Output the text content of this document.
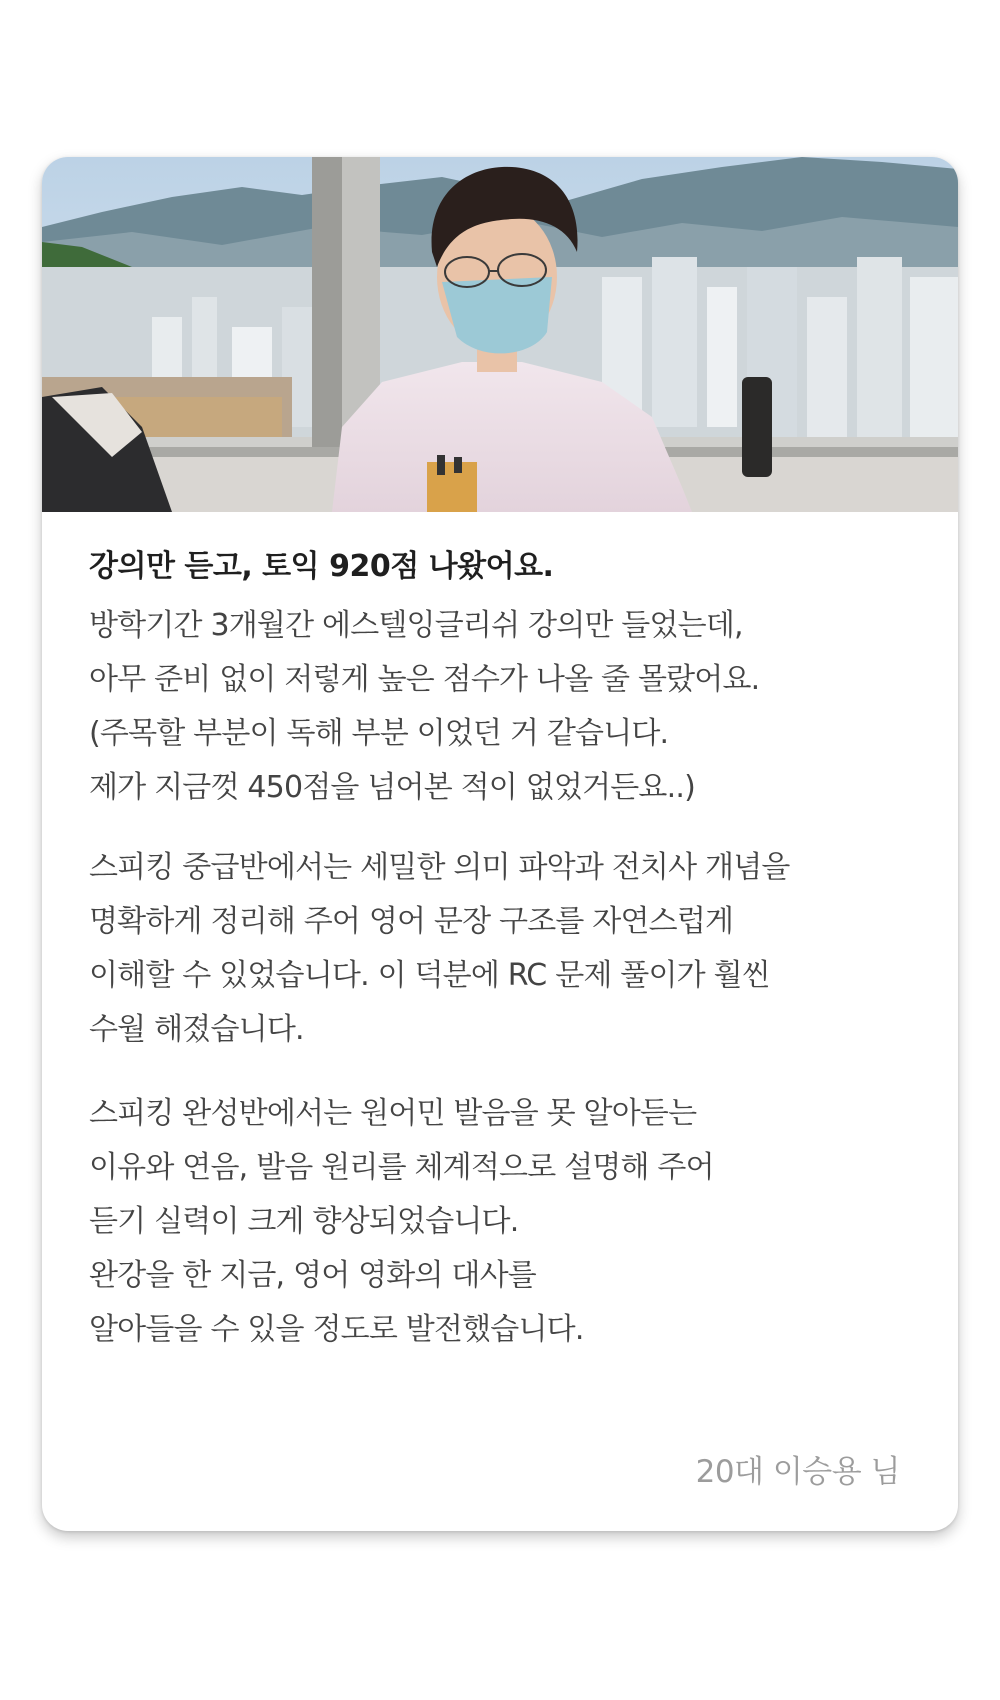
강의만 듣고, 토익 920점 나왔어요.

방학기간 3개월간 에스텔잉글리쉬 강의만 들었는데,
아무 준비 없이 저렇게 높은 점수가 나올 줄 몰랐어요.
(주목할 부분이 독해 부분 이었던 거 같습니다.
제가 지금껏 450점을 넘어본 적이 없었거든요..)

스피킹 중급반에서는 세밀한 의미 파악과 전치사 개념을
명확하게 정리해 주어 영어 문장 구조를 자연스럽게
이해할 수 있었습니다. 이 덕분에 RC 문제 풀이가 훨씬
수월 해졌습니다.

스피킹 완성반에서는 원어민 발음을 못 알아듣는
이유와 연음, 발음 원리를 체계적으로 설명해 주어
듣기 실력이 크게 향상되었습니다.
완강을 한 지금, 영어 영화의 대사를
알아들을 수 있을 정도로 발전했습니다.

20대 이승용 님
